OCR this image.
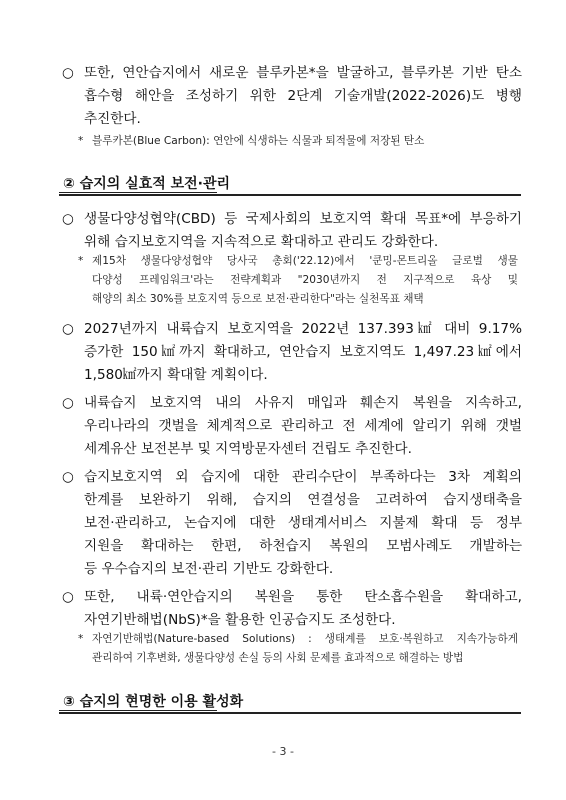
○ 또한, 연안습지에서 새로운 블루카본*을 발굴하고, 블루카본 기반 탄소
흡수형 해안을 조성하기 위한 2단계 기술개발(2022-2026)도 병행
추진한다.
* 블루카본(Blue Carbon): 연안에 식생하는 식물과 퇴적물에 저장된 탄소
② 습지의 실효적 보전·관리
○ 생물다양성협약(CBD) 등 국제사회의 보호지역 확대 목표*에 부응하기
위해 습지보호지역을 지속적으로 확대하고 관리도 강화한다.
* 제15차 생물다양성협약 당사국 총회('22.12)에서 '쿤밍-몬트리올 글로벌 생물
다양성 프레임워크'라는 전략계획과 "2030년까지 전 지구적으로 육상 및
해양의 최소 30%를 보호지역 등으로 보전·관리한다"라는 실천목표 채택
○ 2027년까지 내륙습지 보호지역을 2022년 137.393㎢ 대비 9.17%
증가한 150㎢까지 확대하고, 연안습지 보호지역도 1,497.23㎢에서
1,580㎢까지 확대할 계획이다.
○ 내륙습지 보호지역 내의 사유지 매입과 훼손지 복원을 지속하고,
우리나라의 갯벌을 체계적으로 관리하고 전 세계에 알리기 위해 갯벌
세계유산 보전본부 및 지역방문자센터 건립도 추진한다.
○ 습지보호지역 외 습지에 대한 관리수단이 부족하다는 3차 계획의
한계를 보완하기 위해, 습지의 연결성을 고려하여 습지생태축을
보전·관리하고, 논습지에 대한 생태계서비스 지불제 확대 등 정부
지원을 확대하는 한편, 하천습지 복원의 모범사례도 개발하는
등 우수습지의 보전·관리 기반도 강화한다.
○ 또한, 내륙·연안습지의 복원을 통한 탄소흡수원을 확대하고,
자연기반해법(NbS)*을 활용한 인공습지도 조성한다.
* 자연기반해법(Nature-based Solutions) : 생태계를 보호·복원하고 지속가능하게
관리하여 기후변화, 생물다양성 손실 등의 사회 문제를 효과적으로 해결하는 방법
③ 습지의 현명한 이용 활성화
- 3 -
